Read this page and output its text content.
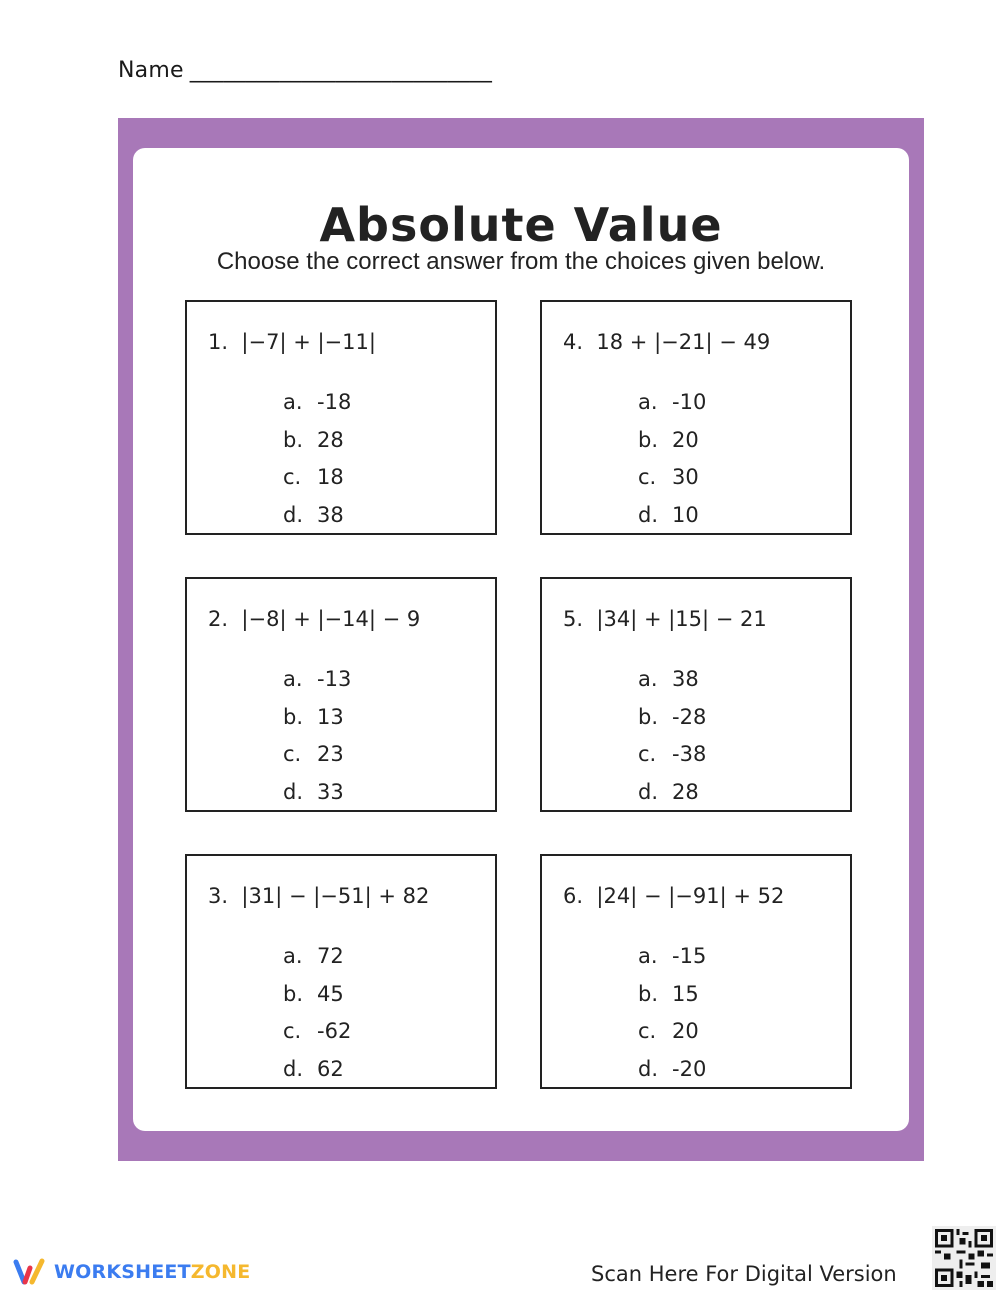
Name ___________________________
Absolute Value
Choose the correct answer from the choices given below.
1. |−7| + |−11|
a. -18
b. 28
c. 18
d. 38
4. 18 + |−21| − 49
a. -10
b. 20
c. 30
d. 10
2. |−8| + |−14| − 9
a. -13
b. 13
c. 23
d. 33
5. |34| + |15| − 21
a. 38
b. -28
c. -38
d. 28
3. |31| − |−51| + 82
a. 72
b. 45
c. -62
d. 62
6. |24| − |−91| + 52
a. -15
b. 15
c. 20
d. -20
WORKSHEETZONE	Scan Here For Digital Version
